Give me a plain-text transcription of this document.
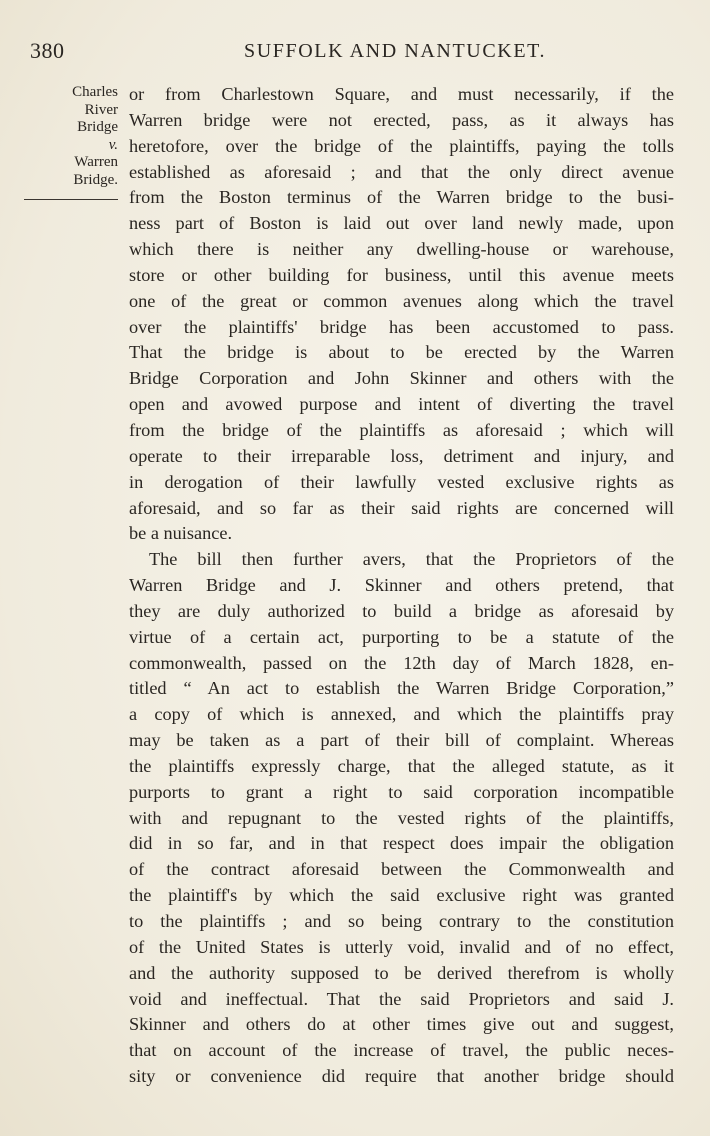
380	SUFFOLK AND NANTUCKET.
Charles
River
Bridge
v.
Warren
Bridge.
or from Charlestown Square, and must necessarily, if the
Warren bridge were not erected, pass, as it always has
heretofore, over the bridge of the plaintiffs, paying the tolls
established as aforesaid ; and that the only direct avenue
from the Boston terminus of the Warren bridge to the busi-
ness part of Boston is laid out over land newly made, upon
which there is neither any dwelling-house or warehouse,
store or other building for business, until this avenue meets
one of the great or common avenues along which the travel
over the plaintiffs' bridge has been accustomed to pass.
That the bridge is about to be erected by the Warren
Bridge Corporation and John Skinner and others with the
open and avowed purpose and intent of diverting the travel
from the bridge of the plaintiffs as aforesaid ; which will
operate to their irreparable loss, detriment and injury, and
in derogation of their lawfully vested exclusive rights as
aforesaid, and so far as their said rights are concerned will
be a nuisance.
The bill then further avers, that the Proprietors of the
Warren Bridge and J. Skinner and others pretend, that
they are duly authorized to build a bridge as aforesaid by
virtue of a certain act, purporting to be a statute of the
commonwealth, passed on the 12th day of March 1828, en-
titled “ An act to establish the Warren Bridge Corporation,”
a copy of which is annexed, and which the plaintiffs pray
may be taken as a part of their bill of complaint. Whereas
the plaintiffs expressly charge, that the alleged statute, as it
purports to grant a right to said corporation incompatible
with and repugnant to the vested rights of the plaintiffs,
did in so far, and in that respect does impair the obligation
of the contract aforesaid between the Commonwealth and
the plaintiff's by which the said exclusive right was granted
to the plaintiffs ; and so being contrary to the constitution
of the United States is utterly void, invalid and of no effect,
and the authority supposed to be derived therefrom is wholly
void and ineffectual. That the said Proprietors and said J.
Skinner and others do at other times give out and suggest,
that on account of the increase of travel, the public neces-
sity or convenience did require that another bridge should
